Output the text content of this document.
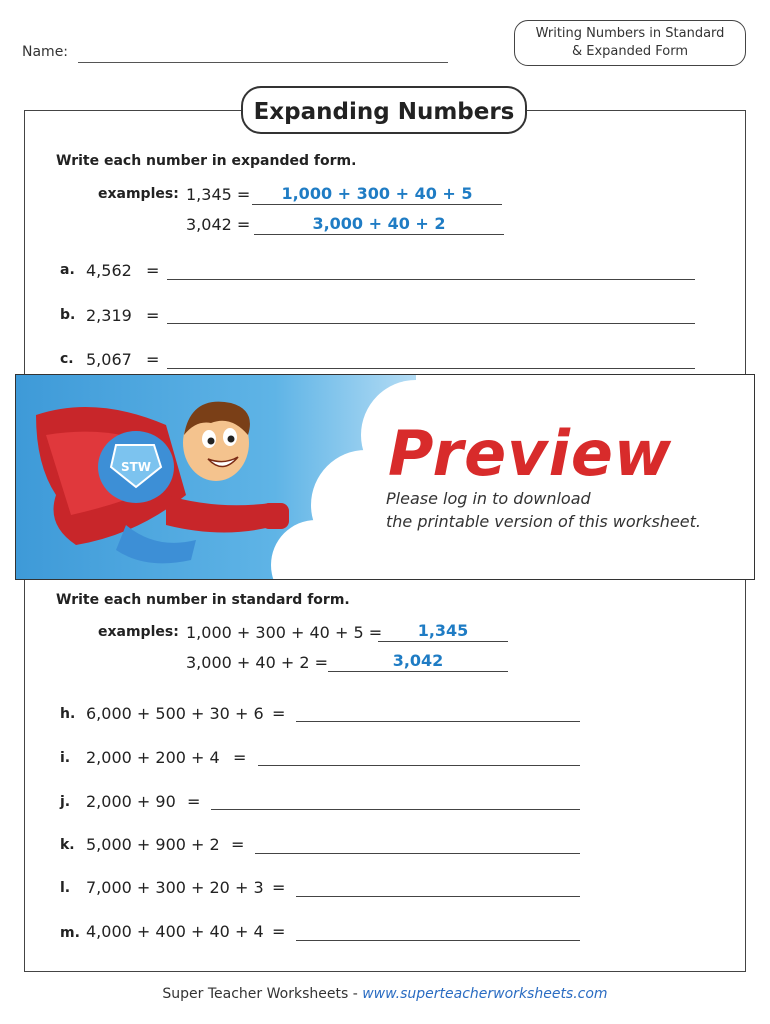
Name:
Writing Numbers in Standard
& Expanded Form
Expanding Numbers
Write each number in expanded form.
examples: 1,345 =	1,000 + 300 + 40 + 5
3,042 =	3,000 + 40 + 2
a. 4,562 =
b. 2,319 =
c. 5,067 =
STW	Preview
Please log in to download
the printable version of this worksheet.
Write each number in standard form.
examples: 1,000 + 300 + 40 + 5 =	1,345
3,000 + 40 + 2 =	3,042
h. 6,000 + 500 + 30 + 6 =
i. 2,000 + 200 + 4 =
j. 2,000 + 90 =
k. 5,000 + 900 + 2 =
l. 7,000 + 300 + 20 + 3 =
m. 4,000 + 400 + 40 + 4 =
Super Teacher Worksheets - www.superteacherworksheets.com
